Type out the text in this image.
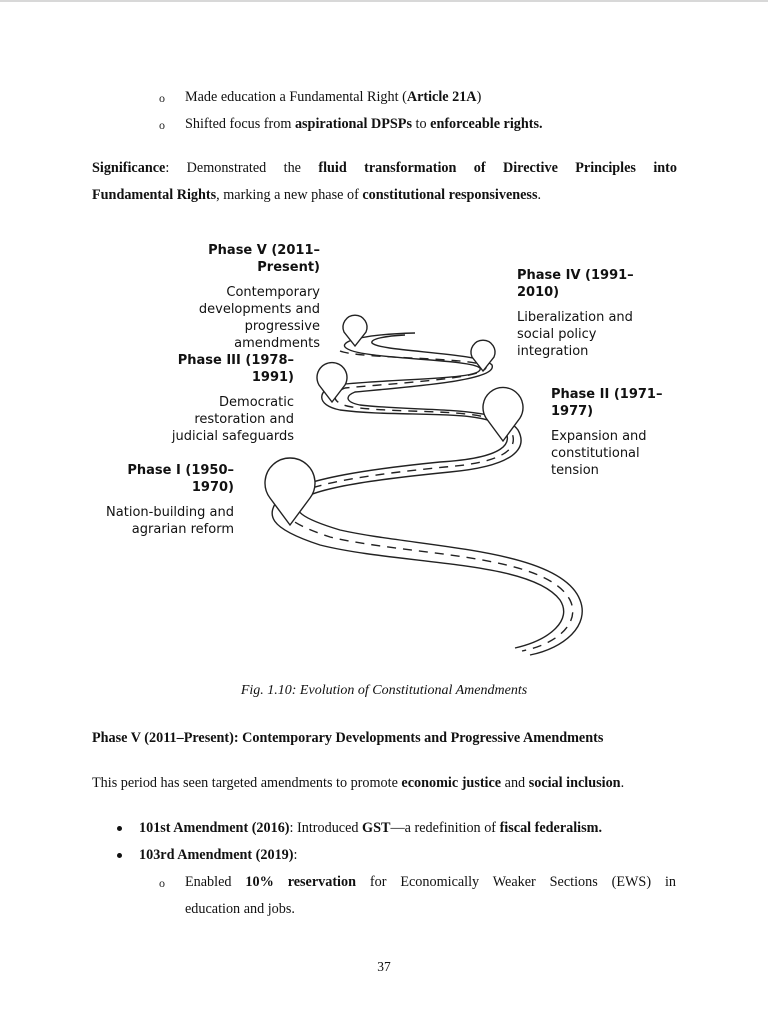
o Made education a Fundamental Right (Article 21A)
o Shifted focus from aspirational DPSPs to enforceable rights.
Significance: Demonstrated the fluid transformation of Directive Principles into
Fundamental Rights, marking a new phase of constitutional responsiveness.
Phase V (2011–
Present)
Contemporary
developments and
progressive
amendments
Phase IV (1991–
2010)
Liberalization and
social policy
integration
Phase III (1978–
1991)
Democratic
restoration and
judicial safeguards
Phase II (1971–
1977)
Expansion and
constitutional
tension
Phase I (1950–
1970)
Nation-building and
agrarian reform
Fig. 1.10: Evolution of Constitutional Amendments
Phase V (2011–Present): Contemporary Developments and Progressive Amendments
This period has seen targeted amendments to promote economic justice and social inclusion.
101st Amendment (2016): Introduced GST—a redefinition of fiscal federalism.
103rd Amendment (2019):
o Enabled 10% reservation for Economically Weaker Sections (EWS) in
education and jobs.
37
